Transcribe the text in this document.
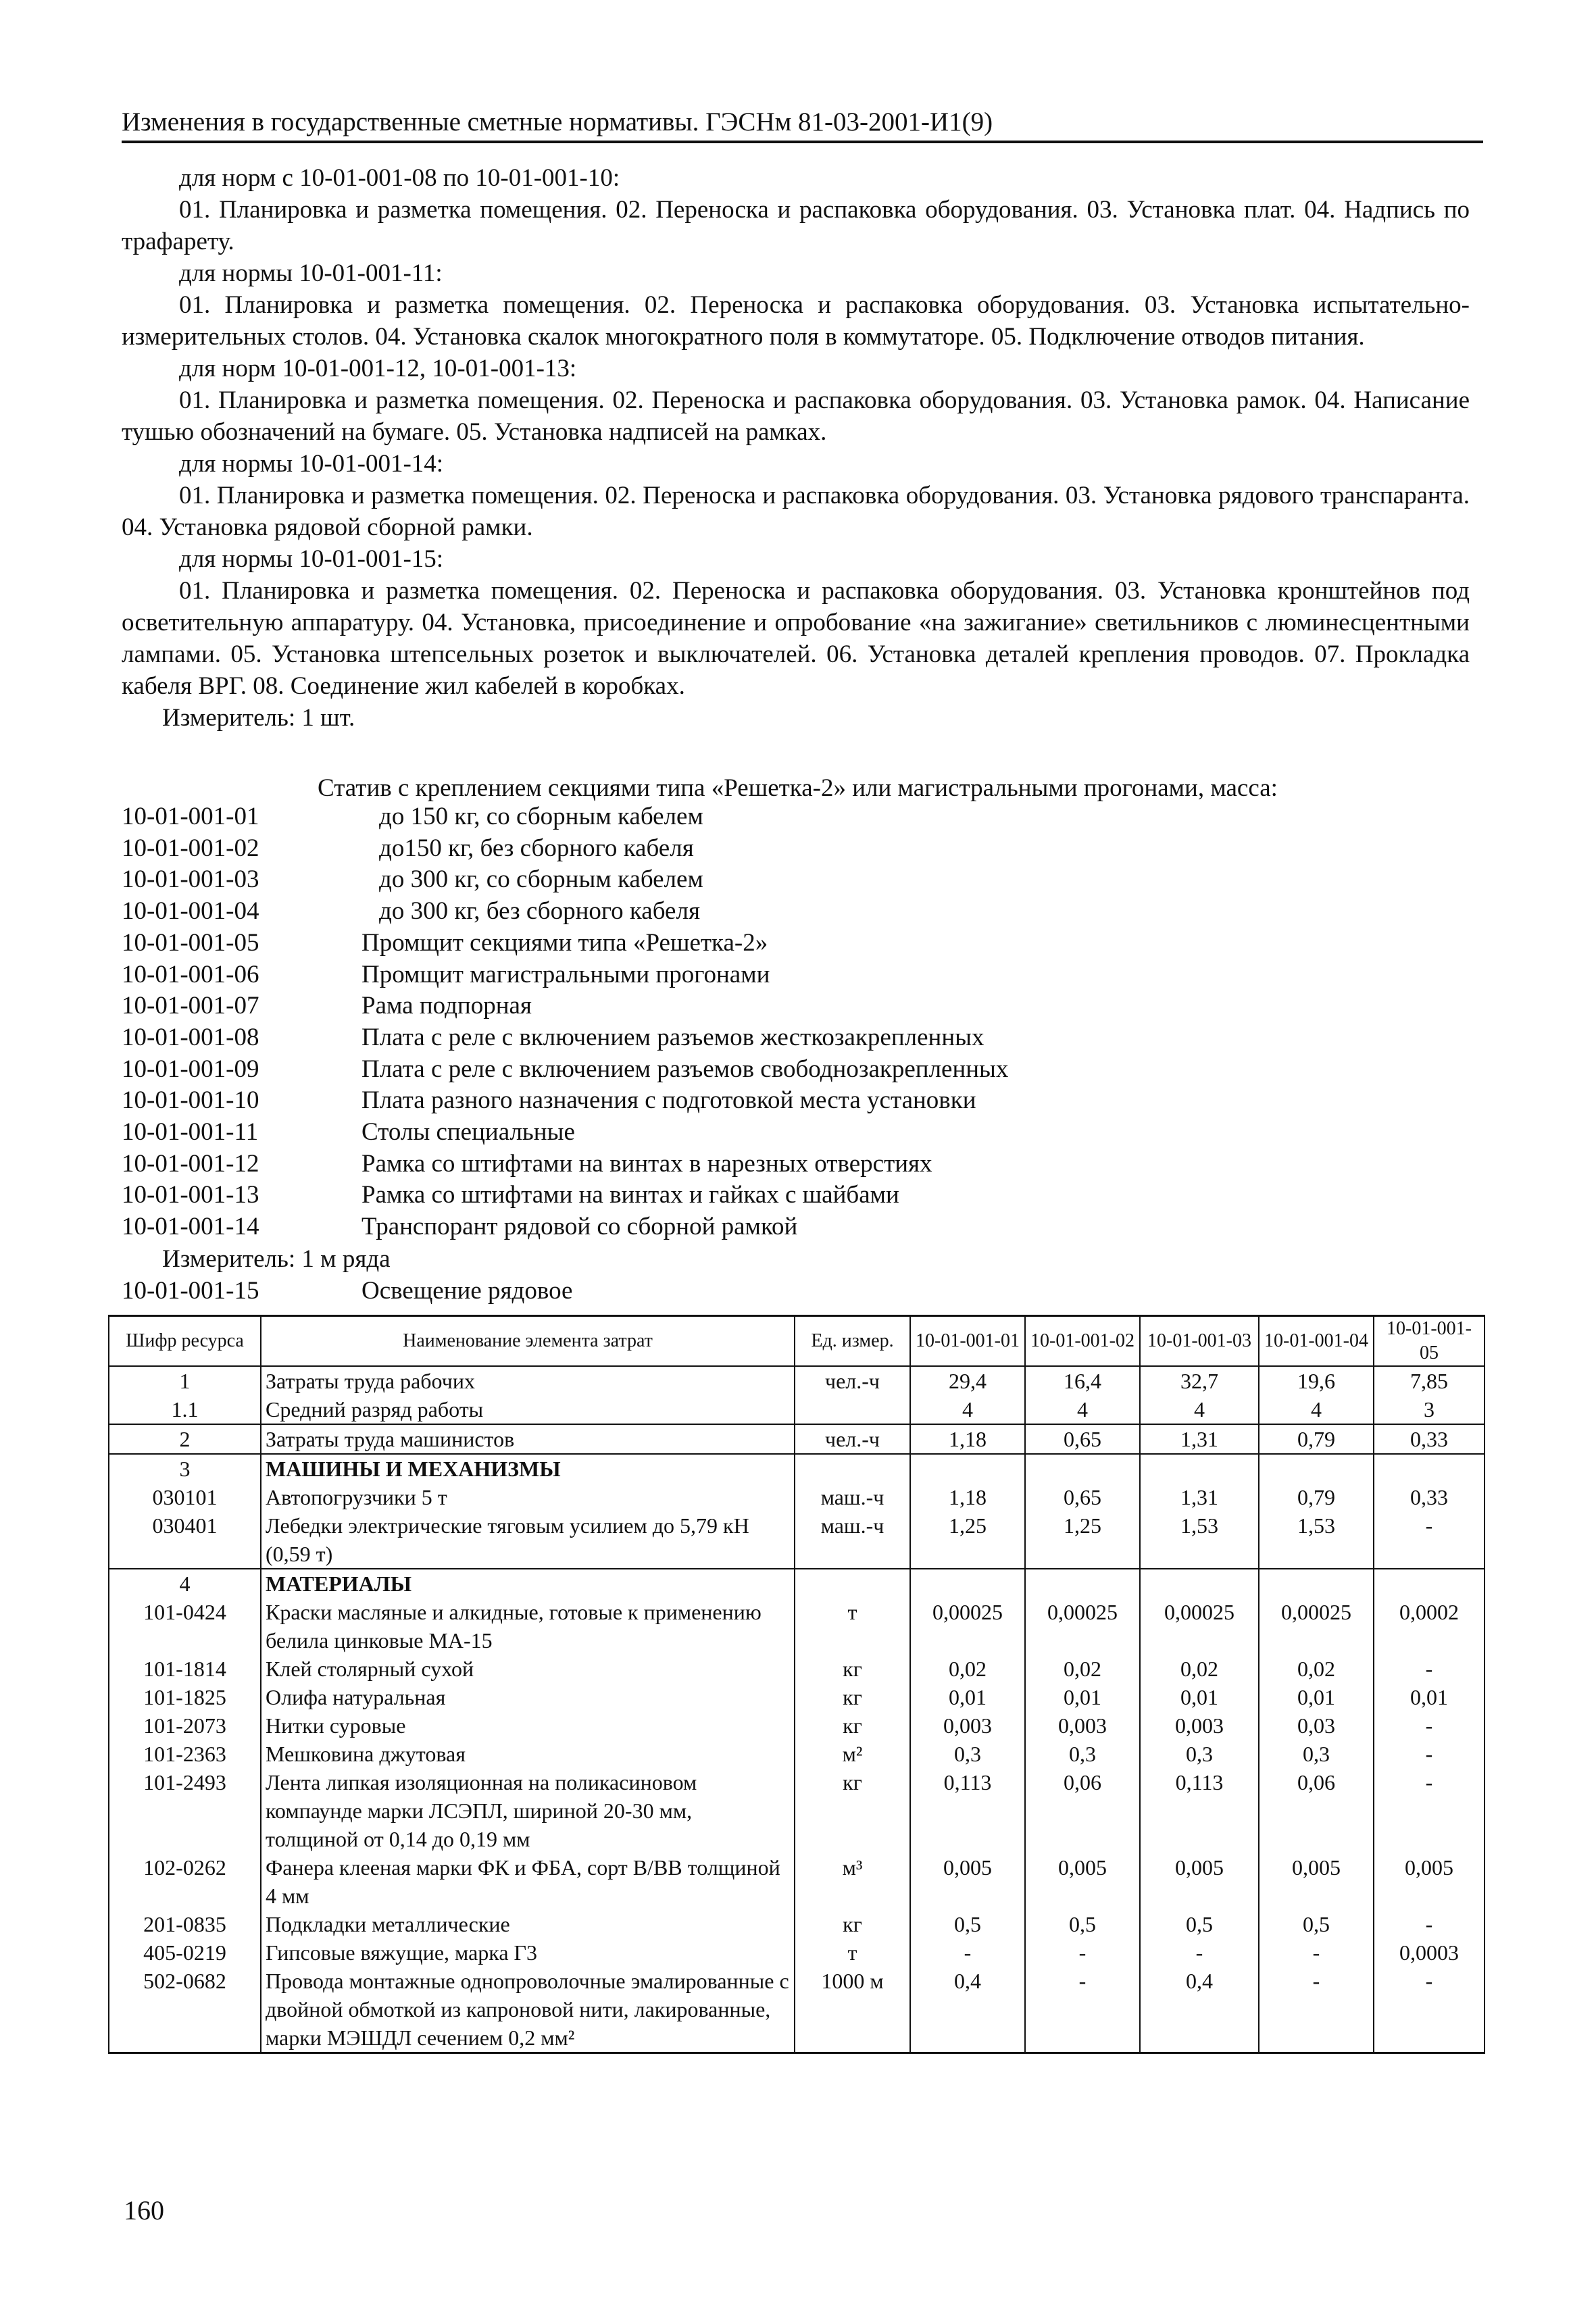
Изменения в государственные сметные нормативы. ГЭСНм 81-03-2001-И1(9)

для норм с 10-01-001-08 по 10-01-001-10:

01. Планировка и разметка помещения. 02. Переноска и распаковка оборудования. 03. Установка плат. 04. Надпись по трафарету.

для нормы 10-01-001-11:

01. Планировка и разметка помещения. 02. Переноска и распаковка оборудования. 03. Установка испытательно-измерительных столов. 04. Установка скалок многократного поля в коммутаторе. 05. Подключение отводов питания.

для норм 10-01-001-12, 10-01-001-13:

01. Планировка и разметка помещения. 02. Переноска и распаковка оборудования. 03. Установка рамок. 04. Написание тушью обозначений на бумаге. 05. Установка надписей на рамках.

для нормы 10-01-001-14:

01. Планировка и разметка помещения. 02. Переноска и распаковка оборудования. 03. Установка рядового транспаранта. 04. Установка рядовой сборной рамки.

для нормы 10-01-001-15:

01. Планировка и разметка помещения. 02. Переноска и распаковка оборудования. 03. Установка кронштейнов под осветительную аппаратуру. 04. Установка, присоединение и опробование «на зажигание» светильников с люминесцентными лампами. 05. Установка штепсельных розеток и выключателей. 06. Установка деталей крепления проводов. 07. Прокладка кабеля ВРГ. 08. Соединение жил кабелей в коробках.

Измеритель: 1 шт.

Статив с креплением секциями типа «Решетка-2» или магистральными прогонами, масса:
10-01-001-01	до 150 кг, со сборным кабелем
10-01-001-02	до150 кг, без сборного кабеля
10-01-001-03	до 300 кг, со сборным кабелем
10-01-001-04	до 300 кг, без сборного кабеля
10-01-001-05	Промщит секциями типа «Решетка-2»
10-01-001-06	Промщит магистральными прогонами
10-01-001-07	Рама подпорная
10-01-001-08	Плата с реле с включением разъемов жесткозакрепленных
10-01-001-09	Плата с реле с включением разъемов свободнозакрепленных
10-01-001-10	Плата разного назначения с подготовкой места установки
10-01-001-11	Столы специальные
10-01-001-12	Рамка со штифтами на винтах в нарезных отверстиях
10-01-001-13	Рамка со штифтами на винтах и гайках с шайбами
10-01-001-14	Транспорант рядовой со сборной рамкой
Измеритель: 1 м ряда
10-01-001-15	Освещение рядовое
Шифр ресурса	Наименование элемента затрат	Ед. измер.	10-01-001-01	10-01-001-02	10-01-001-03	10-01-001-04	10-01-001-05
1	Затраты труда рабочих	чел.-ч	29,4	16,4	32,7	19,6	7,85
1.1	Средний разряд работы		4	4	4	4	3
2	Затраты труда машинистов	чел.-ч	1,18	0,65	1,31	0,79	0,33
3	МАШИНЫ И МЕХАНИЗМЫ						
030101	Автопогрузчики 5 т	маш.-ч	1,18	0,65	1,31	0,79	0,33
030401	Лебедки электрические тяговым усилием до 5,79 кН (0,59 т)	маш.-ч	1,25	1,25	1,53	1,53	-
4	МАТЕРИАЛЫ						
101-0424	Краски масляные и алкидные, готовые к применению белила цинковые МА-15	т	0,00025	0,00025	0,00025	0,00025	0,0002
101-1814	Клей столярный сухой	кг	0,02	0,02	0,02	0,02	-
101-1825	Олифа натуральная	кг	0,01	0,01	0,01	0,01	0,01
101-2073	Нитки суровые	кг	0,003	0,003	0,003	0,03	-
101-2363	Мешковина джутовая	м²	0,3	0,3	0,3	0,3	-
101-2493	Лента липкая изоляционная на поликасиновом компаунде марки ЛСЭПЛ, шириной 20-30 мм, толщиной от 0,14 до 0,19 мм	кг	0,113	0,06	0,113	0,06	-
102-0262	Фанера клееная марки ФК и ФБА, сорт В/ВВ толщиной 4 мм	м³	0,005	0,005	0,005	0,005	0,005
201-0835	Подкладки металлические	кг	0,5	0,5	0,5	0,5	-
405-0219	Гипсовые вяжущие, марка Г3	т	-	-	-	-	0,0003
502-0682	Провода монтажные однопроволочные эмалированные с двойной обмоткой из капроновой нити, лакированные, марки МЭШДЛ сечением 0,2 мм²	1000 м	0,4	-	0,4	-	-
160
